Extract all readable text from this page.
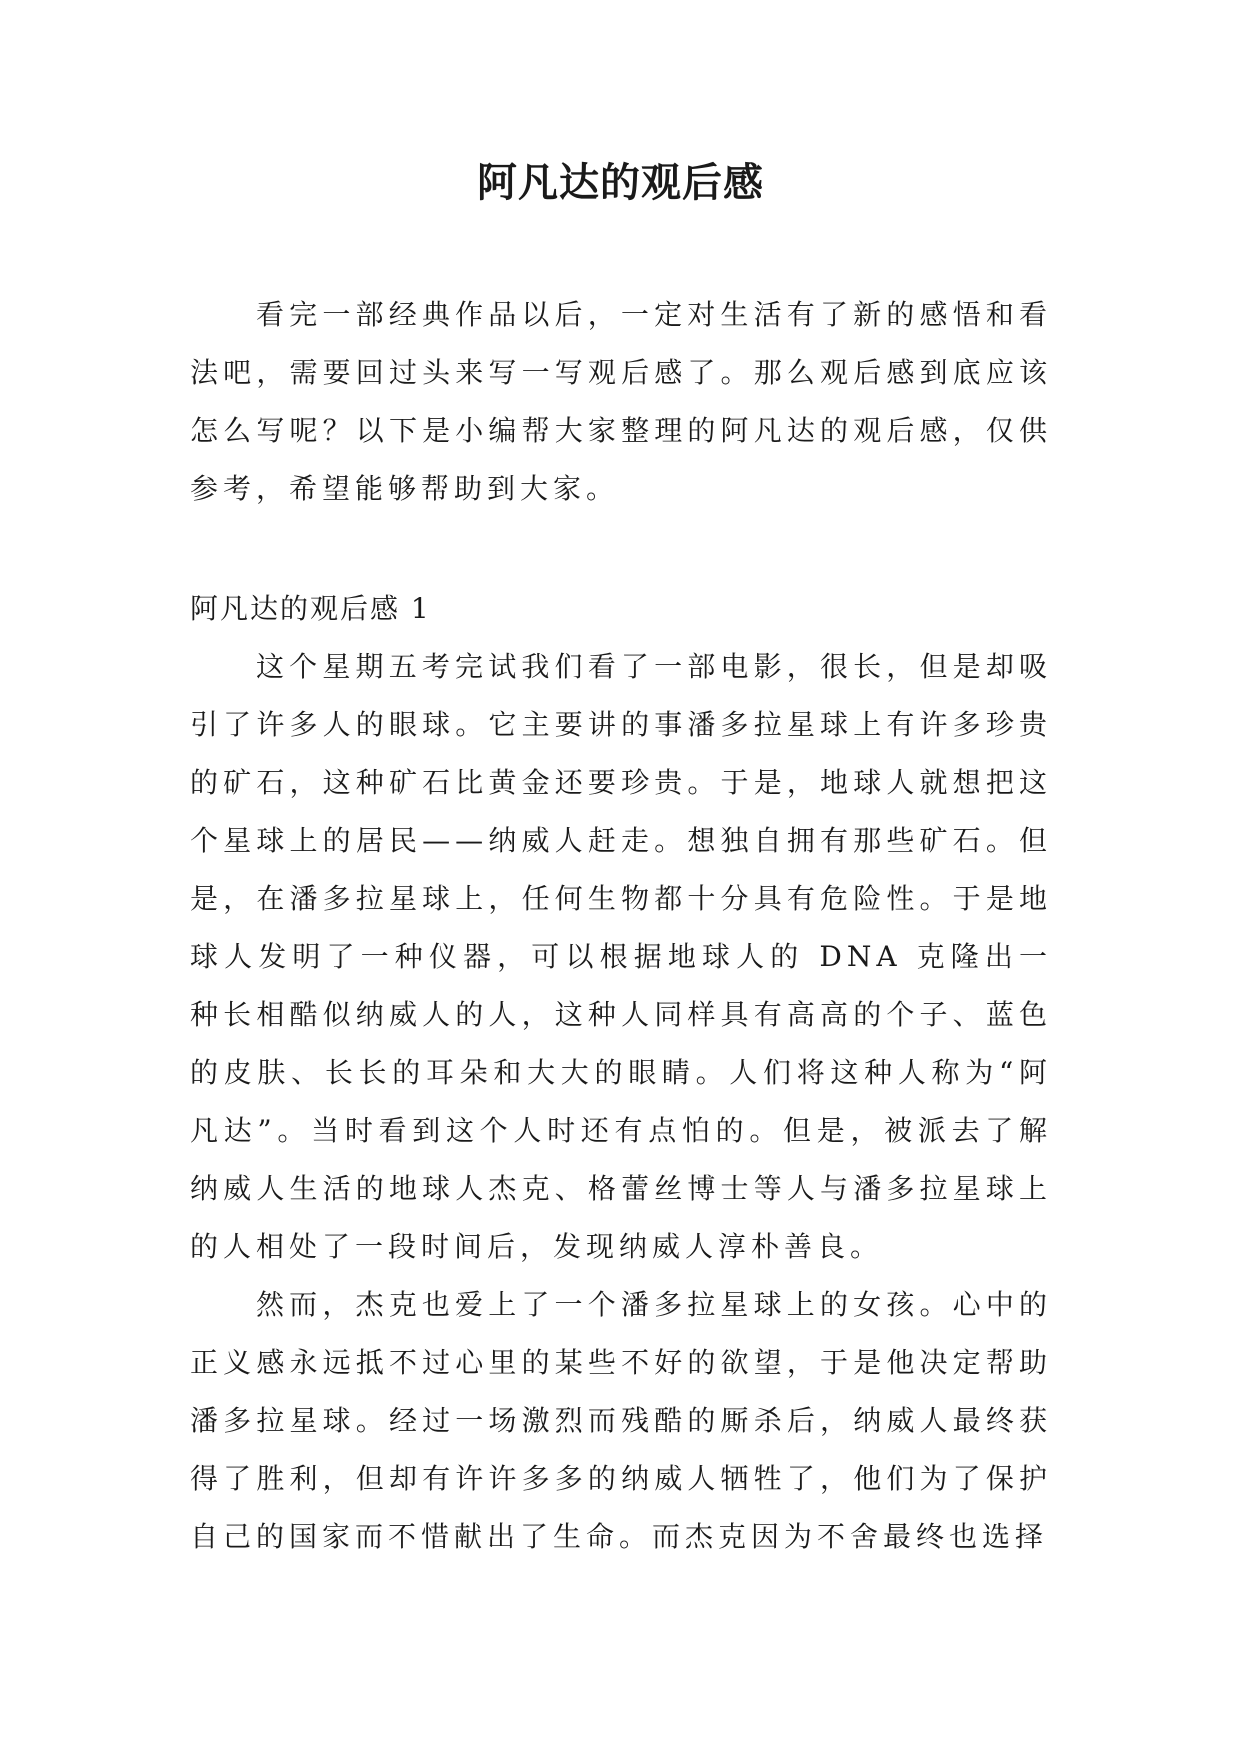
阿凡达的观后感

看完一部经典作品以后，一定对生活有了新的感悟和看法吧，需要回过头来写一写观后感了。那么观后感到底应该怎么写呢？以下是小编帮大家整理的阿凡达的观后感，仅供参考，希望能够帮助到大家。

阿凡达的观后感 1

这个星期五考完试我们看了一部电影，很长，但是却吸引了许多人的眼球。它主要讲的事潘多拉星球上有许多珍贵的矿石，这种矿石比黄金还要珍贵。于是，地球人就想把这个星球上的居民——纳威人赶走。想独自拥有那些矿石。但是，在潘多拉星球上，任何生物都十分具有危险性。于是地球人发明了一种仪器，可以根据地球人的 DNA 克隆出一种长相酷似纳威人的人，这种人同样具有高高的个子、蓝色的皮肤、长长的耳朵和大大的眼睛。人们将这种人称为“阿凡达”。当时看到这个人时还有点怕的。但是，被派去了解纳威人生活的地球人杰克、格蕾丝博士等人与潘多拉星球上的人相处了一段时间后，发现纳威人淳朴善良。

然而，杰克也爱上了一个潘多拉星球上的女孩。心中的正义感永远抵不过心里的某些不好的欲望，于是他决定帮助潘多拉星球。经过一场激烈而残酷的厮杀后，纳威人最终获得了胜利，但却有许许多多的纳威人牺牲了，他们为了保护自己的国家而不惜献出了生命。而杰克因为不舍最终也选择
